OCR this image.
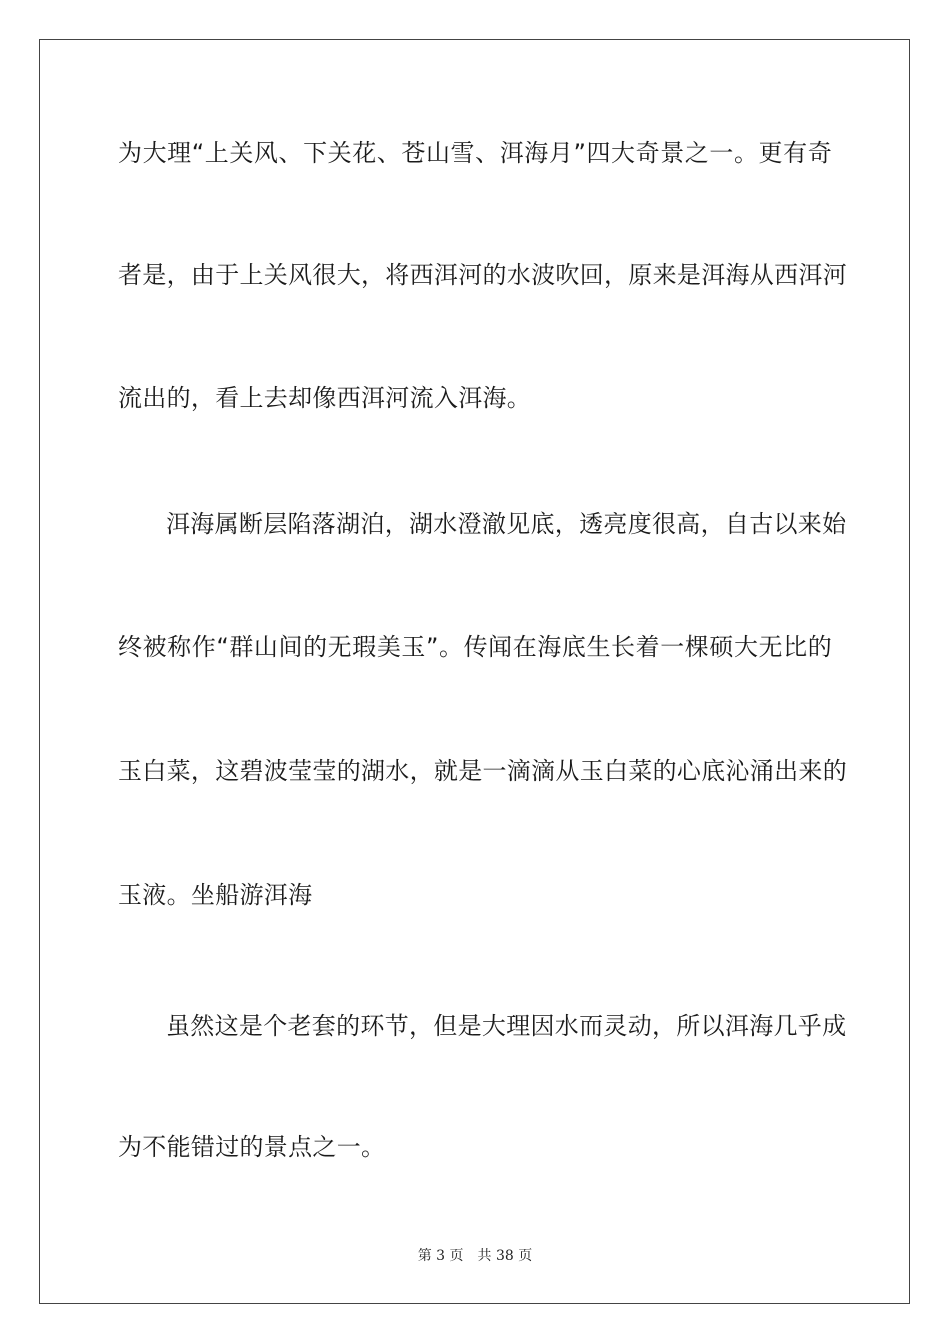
为大理“上关风、下关花、苍山雪、洱海月”四大奇景之一。更有奇
者是，由于上关风很大，将西洱河的水波吹回，原来是洱海从西洱河
流出的，看上去却像西洱河流入洱海。
洱海属断层陷落湖泊，湖水澄澈见底，透亮度很高，自古以来始
终被称作“群山间的无瑕美玉”。传闻在海底生长着一棵硕大无比的
玉白菜，这碧波莹莹的湖水，就是一滴滴从玉白菜的心底沁涌出来的
玉液。坐船游洱海
虽然这是个老套的环节，但是大理因水而灵动，所以洱海几乎成
为不能错过的景点之一。
第 3 页 共 38 页
